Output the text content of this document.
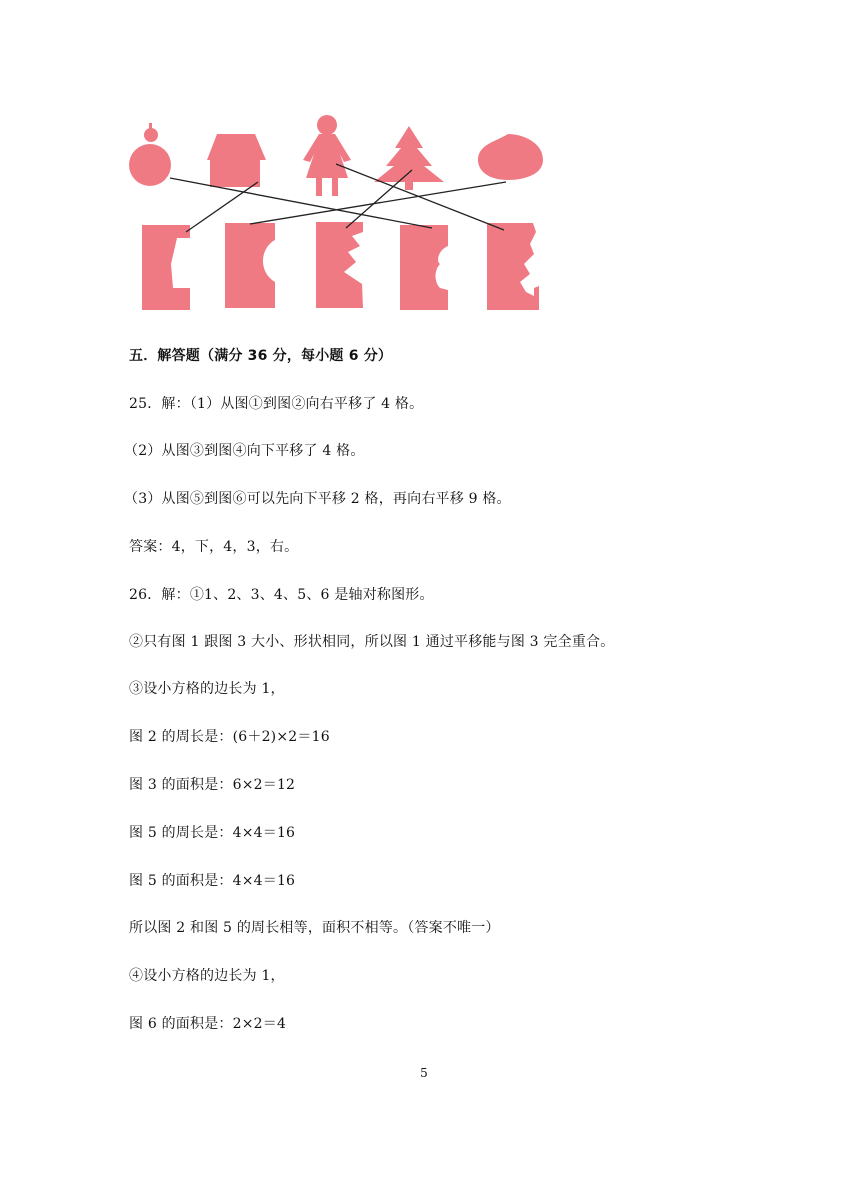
五．解答题（满分 36 分，每小题 6 分）
25．解：（1）从图①到图②向右平移了 4 格。
（2）从图③到图④向下平移了 4 格。
（3）从图⑤到图⑥可以先向下平移 2 格，再向右平移 9 格。
答案：4，下，4，3，右。
26．解：①1、2、3、4、5、6 是轴对称图形。
②只有图 1 跟图 3 大小、形状相同，所以图 1 通过平移能与图 3 完全重合。
③设小方格的边长为 1，
图 2 的周长是：(6＋2)×2＝16
图 3 的面积是：6×2＝12
图 5 的周长是：4×4＝16
图 5 的面积是：4×4＝16
所以图 2 和图 5 的周长相等，面积不相等。（答案不唯一）
④设小方格的边长为 1，
图 6 的面积是：2×2＝4
5
